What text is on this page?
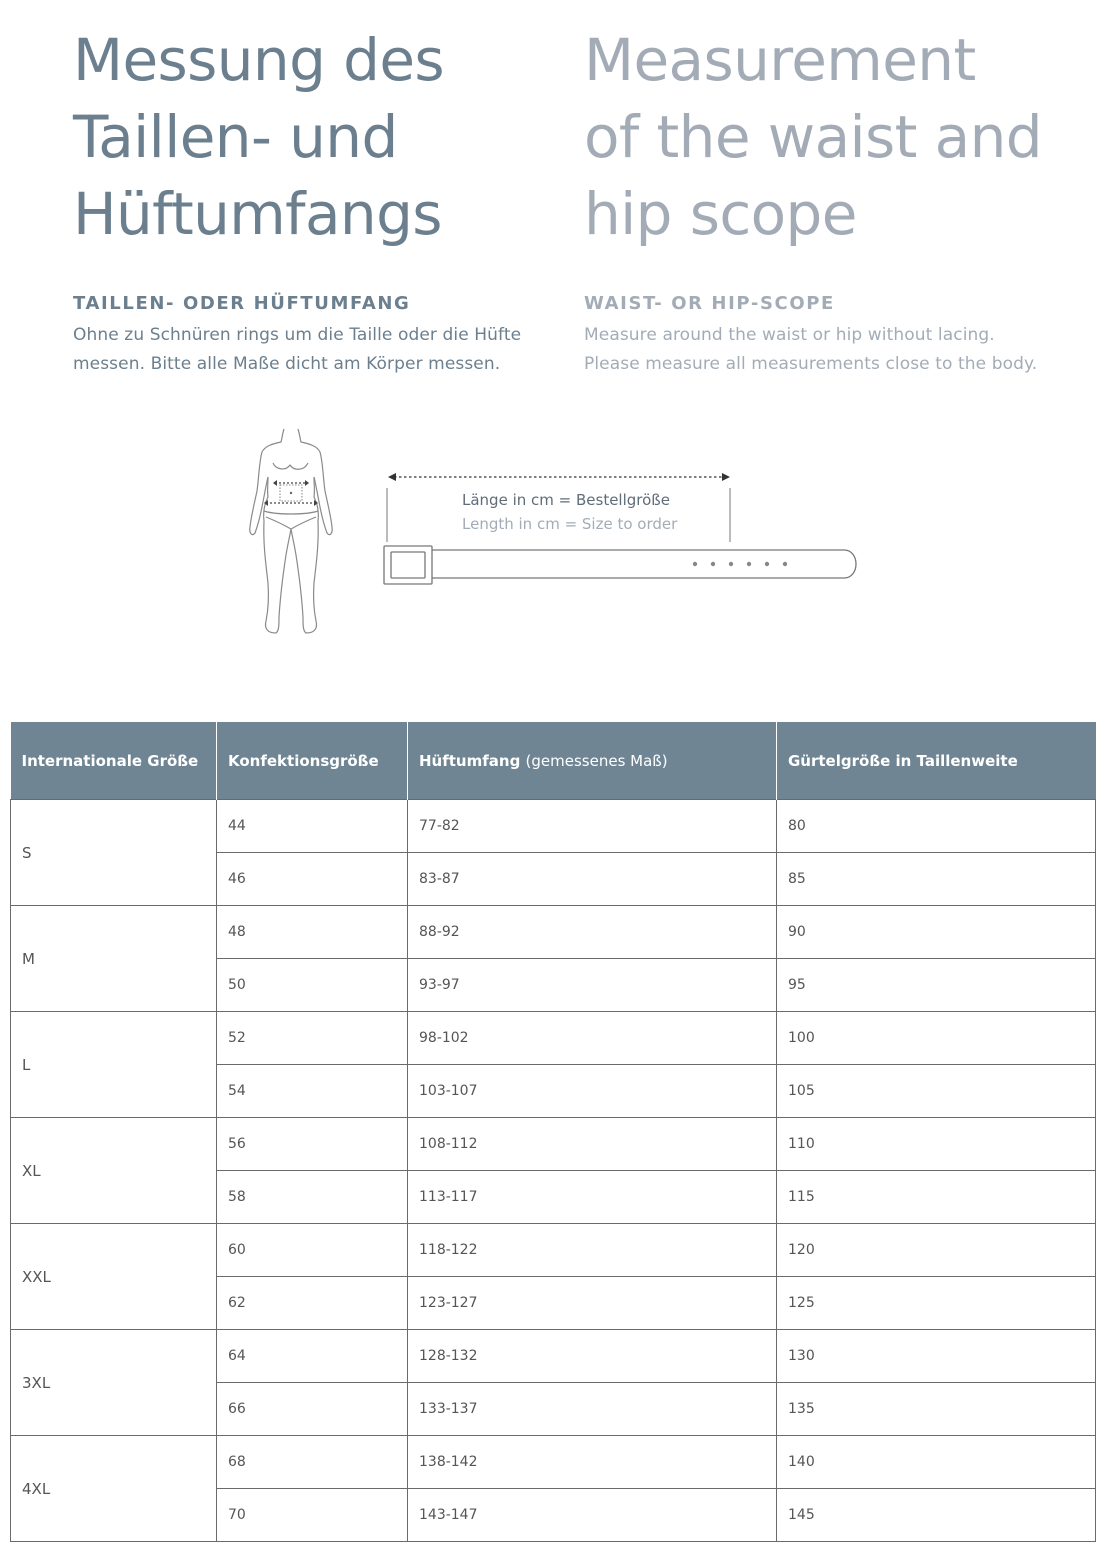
Messung des
Taillen- und
Hüftumfangs
TAILLEN- ODER HÜFTUMFANG

Ohne zu Schnüren rings um die Taille oder die Hüfte
messen. Bitte alle Maße dicht am Körper messen.

Measurement
of the waist and
hip scope
WAIST- OR HIP-SCOPE

Measure around the waist or hip without lacing.
Please measure all measurements close to the body.

Länge in cm = Bestellgröße
Length in cm = Size to order
Internationale Größe	Konfektionsgröße	Hüftumfang (gemessenes Maß)	Gürtelgröße in Taillenweite
S	44	77-82	80
	46	83-87	85
M	48	88-92	90
	50	93-97	95
L	52	98-102	100
	54	103-107	105
XL	56	108-112	110
	58	113-117	115
XXL	60	118-122	120
	62	123-127	125
3XL	64	128-132	130
	66	133-137	135
4XL	68	138-142	140
	70	143-147	145
